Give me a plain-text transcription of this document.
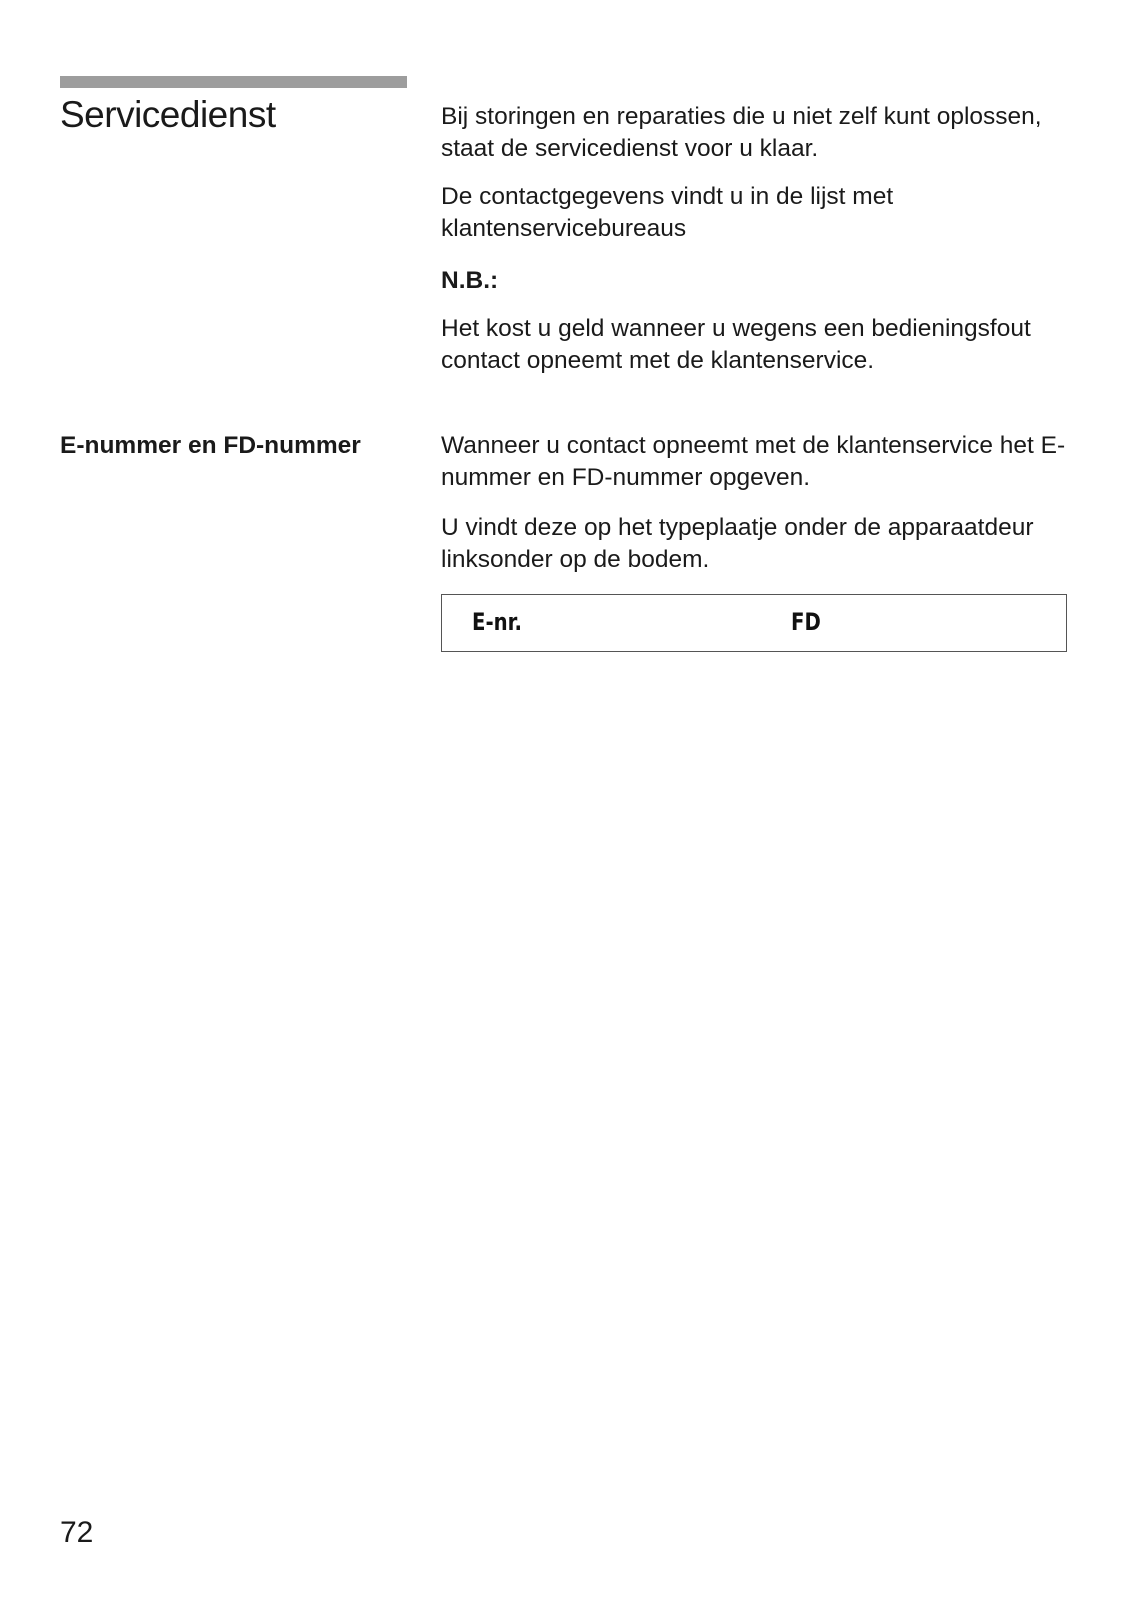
Servicedienst	Bij storingen en reparaties die u niet zelf kunt oplossen, staat de servicedienst voor u klaar.

De contactgegevens vindt u in de lijst met klantenservicebureaus

N.B.:

Het kost u geld wanneer u wegens een bedieningsfout contact opneemt met de klantenservice.

E-nummer en FD-nummer	Wanneer u contact opneemt met de klantenservice het E-nummer en FD-nummer opgeven.

U vindt deze op het typeplaatje onder de apparaatdeur linksonder op de bodem.

E-nr.	FD

72
